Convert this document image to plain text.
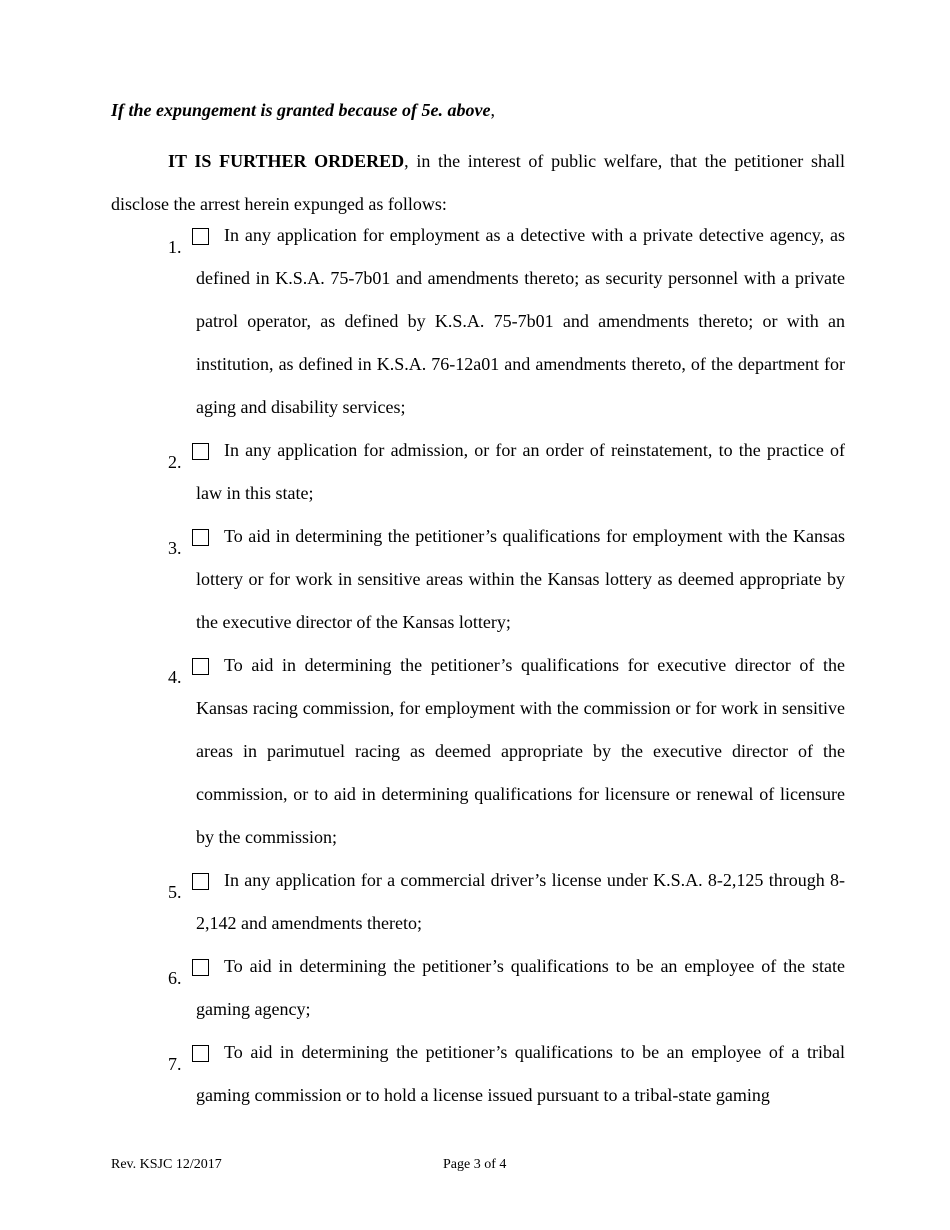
If the expungement is granted because of 5e. above,

IT IS FURTHER ORDERED, in the interest of public welfare, that the petitioner shall disclose the arrest herein expunged as follows:

1.

In any application for employment as a detective with a private detective agency, as defined in K.S.A. 75-7b01 and amendments thereto; as security personnel with a private patrol operator, as defined by K.S.A. 75-7b01 and amendments thereto; or with an institution, as defined in K.S.A. 76-12a01 and amendments thereto, of the department for aging and disability services;

2.

In any application for admission, or for an order of reinstatement, to the practice of law in this state;

3.

To aid in determining the petitioner’s qualifications for employment with the Kansas lottery or for work in sensitive areas within the Kansas lottery as deemed appropriate by the executive director of the Kansas lottery;

4.

To aid in determining the petitioner’s qualifications for executive director of the Kansas racing commission, for employment with the commission or for work in sensitive areas in parimutuel racing as deemed appropriate by the executive director of the commission, or to aid in determining qualifications for licensure or renewal of licensure by the commission;

5.

In any application for a commercial driver’s license under K.S.A. 8-2,125 through 8-2,142 and amendments thereto;

6.

To aid in determining the petitioner’s qualifications to be an employee of the state gaming agency;

7.

To aid in determining the petitioner’s qualifications to be an employee of a tribal gaming commission or to hold a license issued pursuant to a tribal-state gaming

Rev. KSJC 12/2017	Page 3 of 4
